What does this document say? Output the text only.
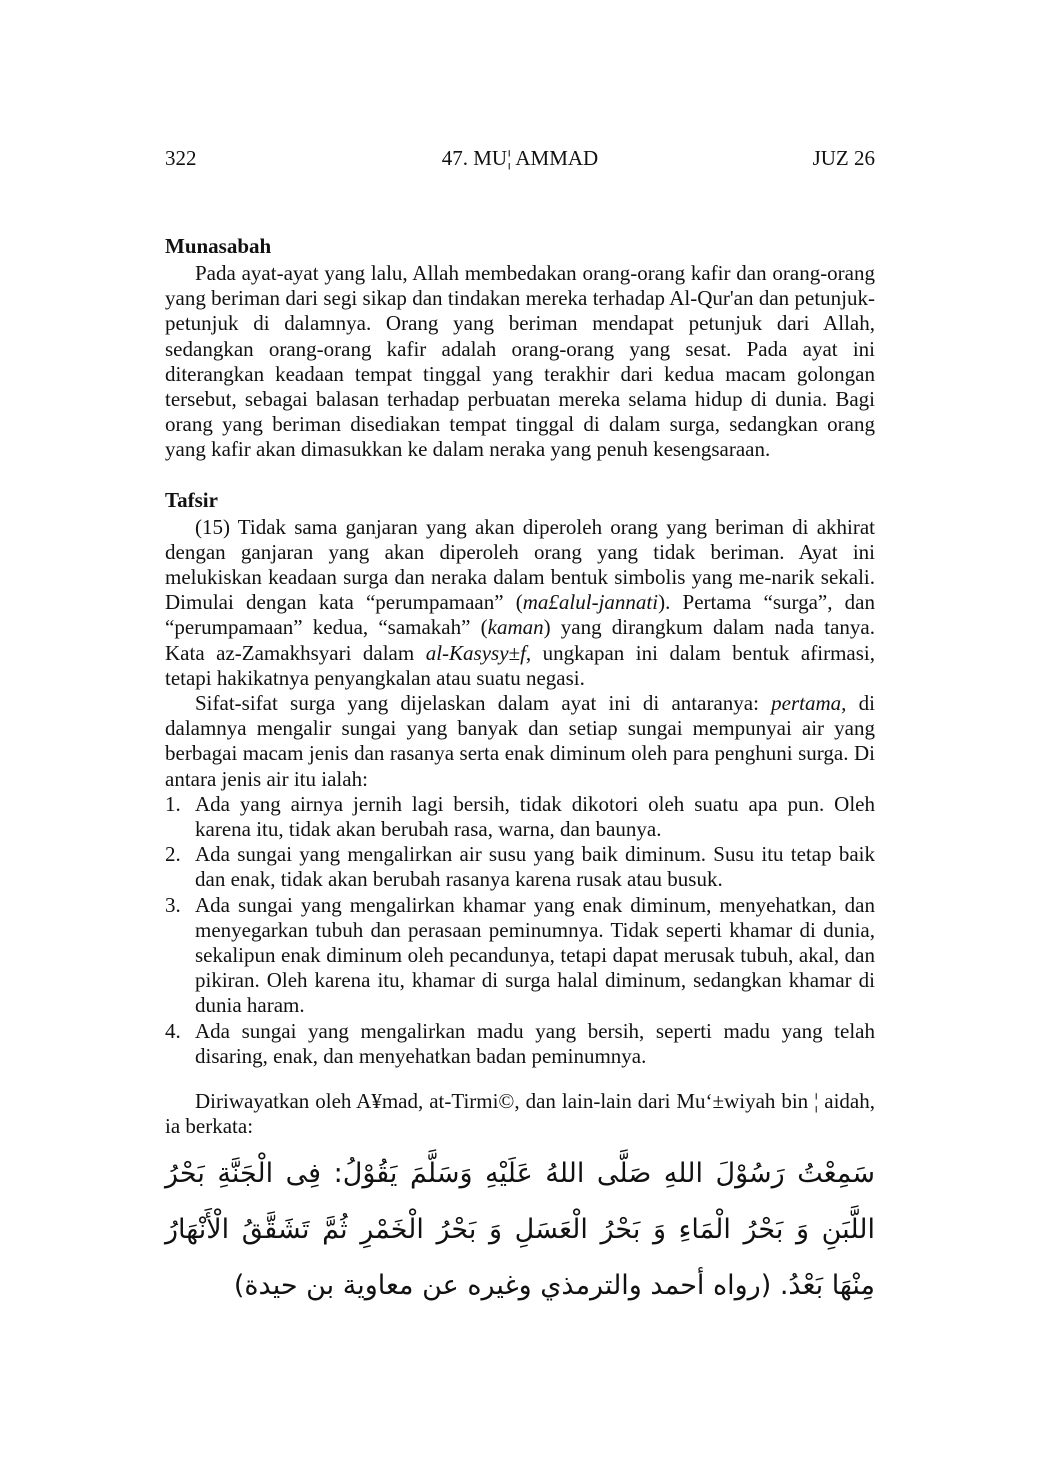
322	47. MU¦ AMMAD	JUZ 26

Munasabah

Pada ayat-ayat yang lalu, Allah membedakan orang-orang kafir dan orang-orang yang beriman dari segi sikap dan tindakan mereka terhadap Al-Qur'an dan petunjuk-petunjuk di dalamnya. Orang yang beriman mendapat petunjuk dari Allah, sedangkan orang-orang kafir adalah orang-orang yang sesat. Pada ayat ini diterangkan keadaan tempat tinggal yang terakhir dari kedua macam golongan tersebut, sebagai balasan terhadap perbuatan mereka selama hidup di dunia. Bagi orang yang beriman disediakan tempat tinggal di dalam surga, sedangkan orang yang kafir akan dimasukkan ke dalam neraka yang penuh kesengsaraan.

Tafsir

(15) Tidak sama ganjaran yang akan diperoleh orang yang beriman di akhirat dengan ganjaran yang akan diperoleh orang yang tidak beriman. Ayat ini melukiskan keadaan surga dan neraka dalam bentuk simbolis yang me-narik sekali. Dimulai dengan kata “perumpamaan” (ma£alul-jannati). Pertama “surga”, dan “perumpamaan” kedua, “samakah” (kaman) yang dirangkum dalam nada tanya. Kata az-Zamakhsyari dalam al-Kasysy±f, ungkapan ini dalam bentuk afirmasi, tetapi hakikatnya penyangkalan atau suatu negasi.

Sifat-sifat surga yang dijelaskan dalam ayat ini di antaranya: pertama, di dalamnya mengalir sungai yang banyak dan setiap sungai mempunyai air yang berbagai macam jenis dan rasanya serta enak diminum oleh para penghuni surga. Di antara jenis air itu ialah:

1. Ada yang airnya jernih lagi bersih, tidak dikotori oleh suatu apa pun. Oleh karena itu, tidak akan berubah rasa, warna, dan baunya.
2. Ada sungai yang mengalirkan air susu yang baik diminum. Susu itu tetap baik dan enak, tidak akan berubah rasanya karena rusak atau busuk.
3. Ada sungai yang mengalirkan khamar yang enak diminum, menyehatkan, dan menyegarkan tubuh dan perasaan peminumnya. Tidak seperti khamar di dunia, sekalipun enak diminum oleh pecandunya, tetapi dapat merusak tubuh, akal, dan pikiran. Oleh karena itu, khamar di surga halal diminum, sedangkan khamar di dunia haram.
4. Ada sungai yang mengalirkan madu yang bersih, seperti madu yang telah disaring, enak, dan menyehatkan badan peminumnya.

Diriwayatkan oleh A¥mad, at-Tirmi©, dan lain-lain dari Mu‘±wiyah bin ¦ aidah, ia berkata:

سَمِعْتُ رَسُوْلَ اللهِ صَلَّى اللهُ عَلَيْهِ وَسَلَّمَ يَقُوْلُ: فِى الْجَنَّةِ بَحْرُ اللَّبَنِ وَ بَحْرُ الْمَاءِ وَ بَحْرُ الْعَسَلِ وَ بَحْرُ الْخَمْرِ ثُمَّ تَشَقَّقُ الْأَنْهَارُ مِنْهَا بَعْدُ. (رواه أحمد والترمذي وغيره عن معاوية بن حيدة)
